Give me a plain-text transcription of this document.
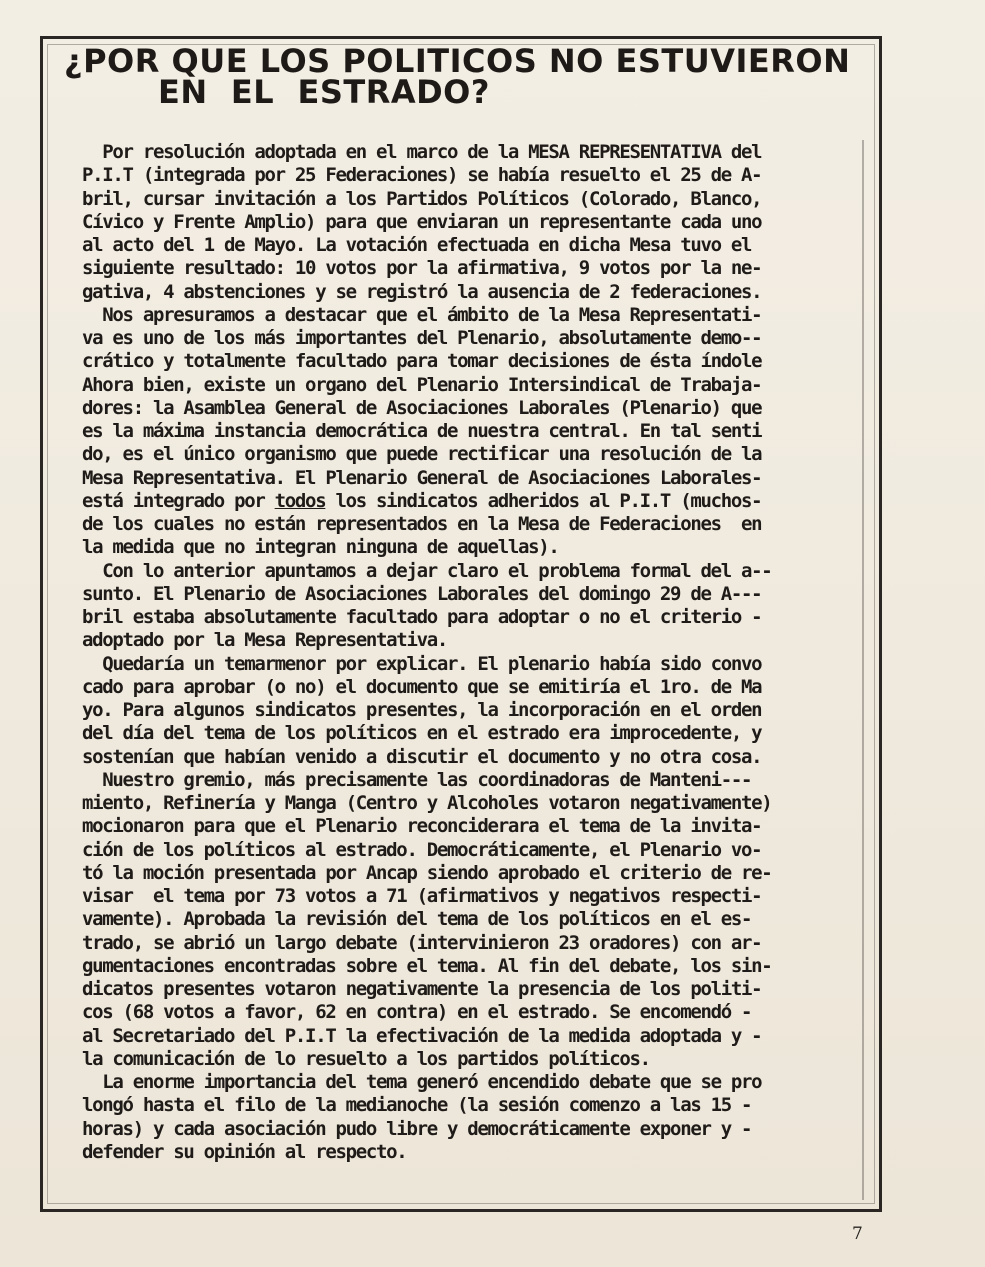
¿POR QUE LOS POLITICOS NO ESTUVIERON

EN  EL  ESTRADO?
Por resolución adoptada en el marco de la MESA REPRESENTATIVA del
P.I.T (integrada por 25 Federaciones) se había resuelto el 25 de A-
bril, cursar invitación a los Partidos Políticos (Colorado, Blanco,
Cívico y Frente Amplio) para que enviaran un representante cada uno
al acto del 1 de Mayo. La votación efectuada en dicha Mesa tuvo el
siguiente resultado: 10 votos por la afirmativa, 9 votos por la ne-
gativa, 4 abstenciones y se registró la ausencia de 2 federaciones.
Nos apresuramos a destacar que el ámbito de la Mesa Representati-
va es uno de los más importantes del Plenario, absolutamente demo--
crático y totalmente facultado para tomar decisiones de ésta índole
Ahora bien, existe un organo del Plenario Intersindical de Trabaja-
dores: la Asamblea General de Asociaciones Laborales (Plenario) que
es la máxima instancia democrática de nuestra central. En tal senti
do, es el único organismo que puede rectificar una resolución de la
Mesa Representativa. El Plenario General de Asociaciones Laborales-
está integrado por todos los sindicatos adheridos al P.I.T (muchos-
de los cuales no están representados en la Mesa de Federaciones  en
la medida que no integran ninguna de aquellas).
Con lo anterior apuntamos a dejar claro el problema formal del a--
sunto. El Plenario de Asociaciones Laborales del domingo 29 de A---
bril estaba absolutamente facultado para adoptar o no el criterio -
adoptado por la Mesa Representativa.
Quedaría un temarmenor por explicar. El plenario había sido convo
cado para aprobar (o no) el documento que se emitiría el 1ro. de Ma
yo. Para algunos sindicatos presentes, la incorporación en el orden
del día del tema de los políticos en el estrado era improcedente, y
sostenían que habían venido a discutir el documento y no otra cosa.
Nuestro gremio, más precisamente las coordinadoras de Manteni---
miento, Refinería y Manga (Centro y Alcoholes votaron negativamente)
mocionaron para que el Plenario reconciderara el tema de la invita-
ción de los políticos al estrado. Democráticamente, el Plenario vo-
tó la moción presentada por Ancap siendo aprobado el criterio de re-
visar  el tema por 73 votos a 71 (afirmativos y negativos respecti-
vamente). Aprobada la revisión del tema de los políticos en el es-
trado, se abrió un largo debate (intervinieron 23 oradores) con ar-
gumentaciones encontradas sobre el tema. Al fin del debate, los sin-
dicatos presentes votaron negativamente la presencia de los politi-
cos (68 votos a favor, 62 en contra) en el estrado. Se encomendó -
al Secretariado del P.I.T la efectivación de la medida adoptada y -
la comunicación de lo resuelto a los partidos políticos.
La enorme importancia del tema generó encendido debate que se pro
longó hasta el filo de la medianoche (la sesión comenzo a las 15 -
horas) y cada asociación pudo libre y democráticamente exponer y -
defender su opinión al respecto.
7
